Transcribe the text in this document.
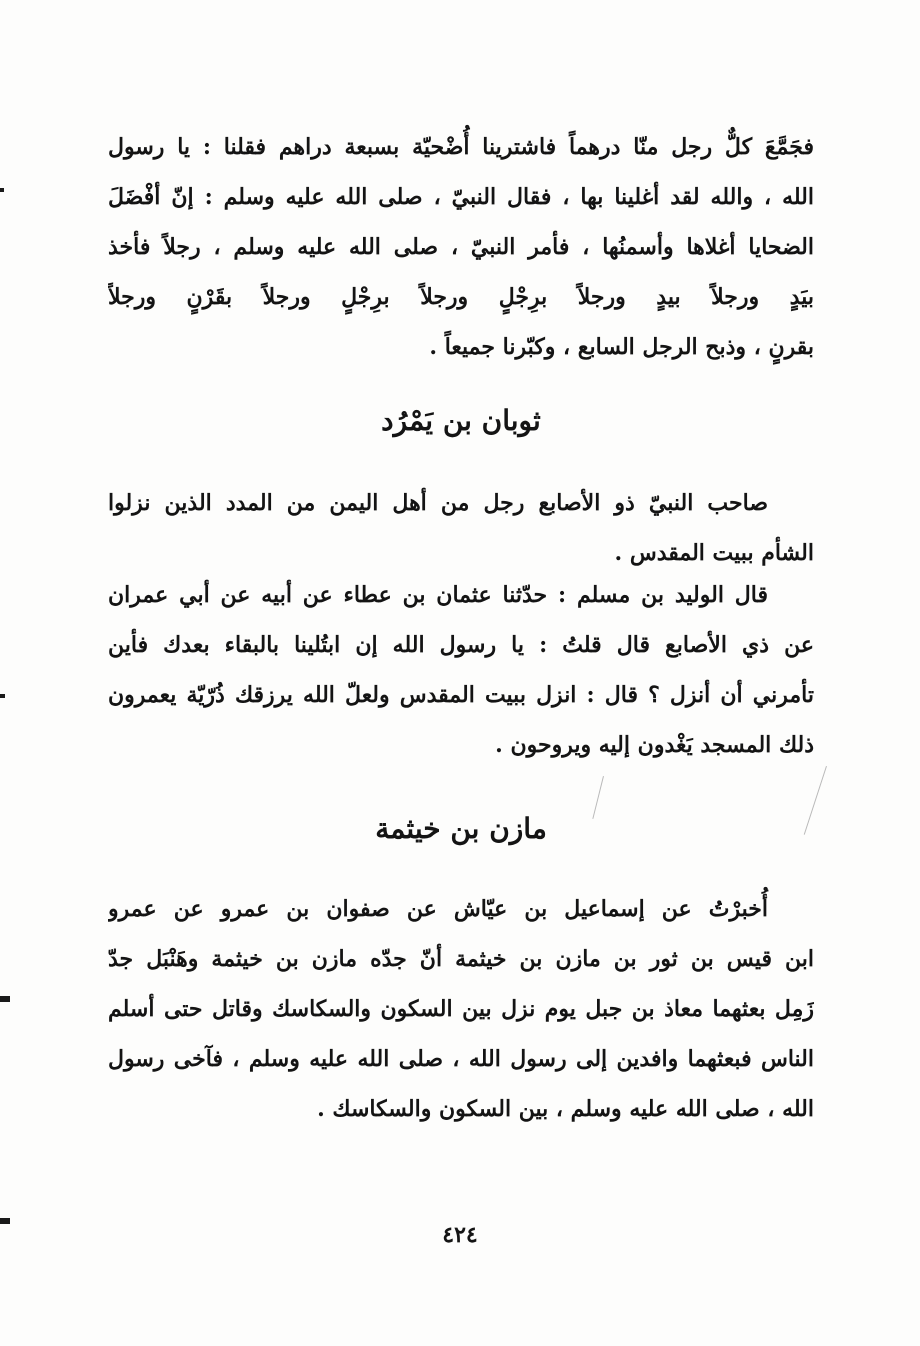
فجَمَّعَ كلٌّ رجل منّا درهماً فاشترينا أُضْحيّة بسبعة دراهم فقلنا : يا رسول
الله ، والله لقد أغلينا بها ، فقال النبيّ ، صلى الله عليه وسلم : إنّ أفْضَلَ
الضحايا أغلاها وأسمنُها ، فأمر النبيّ ، صلى الله عليه وسلم ، رجلاً فأخذ
بيَدٍ ورجلاً بيدٍ ورجلاً برِجْلٍ ورجلاً برِجْلٍ ورجلاً بقَرْنٍ ورجلاً
بقرنٍ ، وذبح الرجل السابع ، وكبّرنا جميعاً .
ثوبان بن يَمْرُد
صاحب النبيّ ذو الأصابع رجل من أهل اليمن من المدد الذين نزلوا
الشأم ببيت المقدس .
قال الوليد بن مسلم : حدّثنا عثمان بن عطاء عن أبيه عن أبي عمران
عن ذي الأصابع قال قلتُ : يا رسول الله إن ابتُلينا بالبقاء بعدك فأين
تأمرني أن أنزل ؟ قال : انزل ببيت المقدس ولعلّ الله يرزقك ذُرّيّة يعمرون
ذلك المسجد يَغْدون إليه ويروحون .
مازن بن خيثمة
أُخبرْتُ عن إسماعيل بن عيّاش عن صفوان بن عمرو عن عمرو
ابن قيس بن ثور بن مازن بن خيثمة أنّ جدّه مازن بن خيثمة وهَنْبَل جدّ
زَمِل بعثهما معاذ بن جبل يوم نزل بين السكون والسكاسك وقاتل حتى أسلم
الناس فبعثهما وافدين إلى رسول الله ، صلى الله عليه وسلم ، فآخى رسول
الله ، صلى الله عليه وسلم ، بين السكون والسكاسك .
٤٢٤
